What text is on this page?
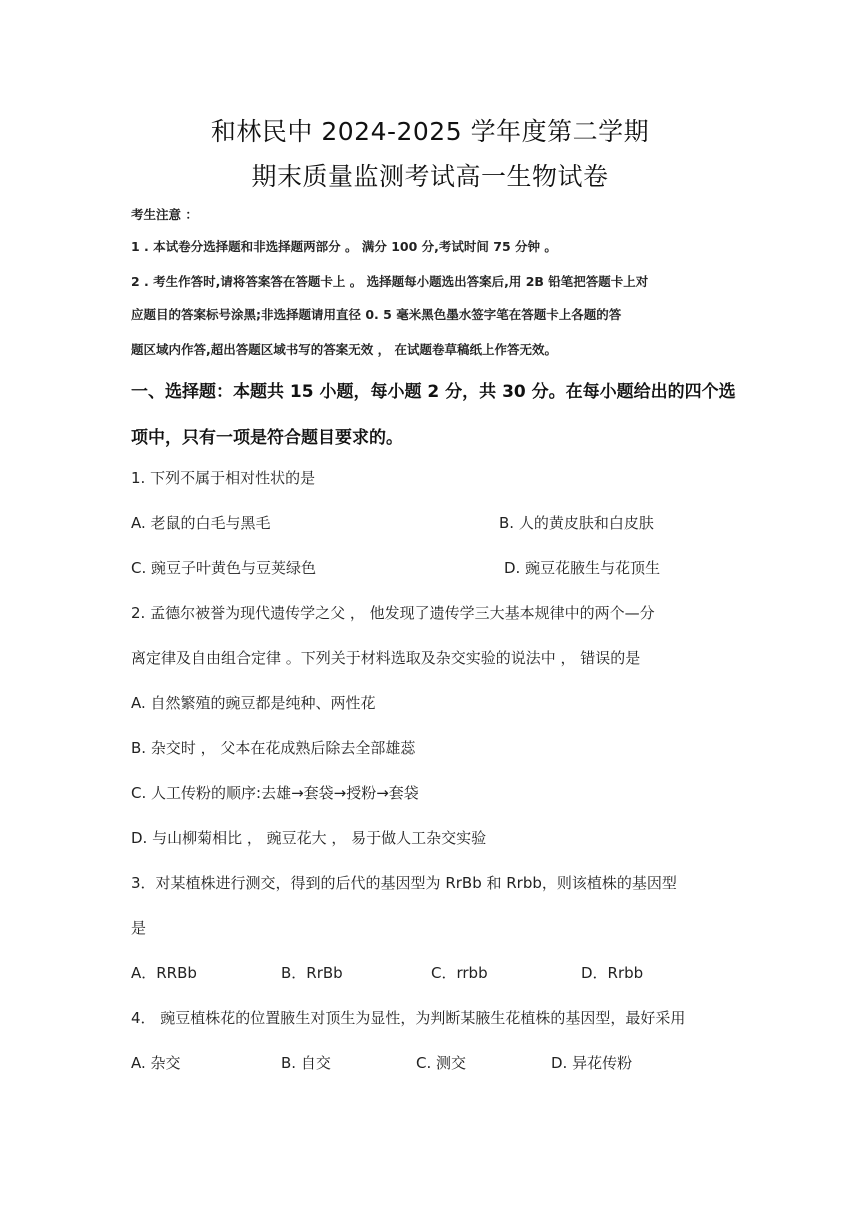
和林民中 2024-2025 学年度第二学期
期末质量监测考试高一生物试卷
考生注意 ：
1 . 本试卷分选择题和非选择题两部分 。 满分 100 分,考试时间 75 分钟 。
2 . 考生作答时,请将答案答在答题卡上 。 选择题每小题选出答案后,用 2B 铅笔把答题卡上对
应题目的答案标号涂黑;非选择题请用直径 0. 5 毫米黑色墨水签字笔在答题卡上各题的答
题区域内作答,超出答题区域书写的答案无效 ， 在试题卷草稿纸上作答无效。
一、选择题：本题共 15 小题，每小题 2 分，共 30 分。在每小题给出的四个选
项中，只有一项是符合题目要求的。
1. 下列不属于相对性状的是
A. 老鼠的白毛与黑毛	B. 人的黄皮肤和白皮肤
C. 豌豆子叶黄色与豆荚绿色	D. 豌豆花腋生与花顶生
2. 孟德尔被誉为现代遗传学之父 ， 他发现了遗传学三大基本规律中的两个—分
离定律及自由组合定律 。下列关于材料选取及杂交实验的说法中 ， 错误的是
A. 自然繁殖的豌豆都是纯种、两性花
B. 杂交时 ， 父本在花成熟后除去全部雄蕊
C. 人工传粉的顺序:去雄→套袋→授粉→套袋
D. 与山柳菊相比 ， 豌豆花大 ， 易于做人工杂交实验
3．对某植株进行测交，得到的后代的基因型为 RrBb 和 Rrbb，则该植株的基因型
是
A．RRBb	B．RrBb	C．rrbb	D．Rrbb
4． 豌豆植株花的位置腋生对顶生为显性，为判断某腋生花植株的基因型，最好采用
A. 杂交	B. 自交	C. 测交	D. 异花传粉
